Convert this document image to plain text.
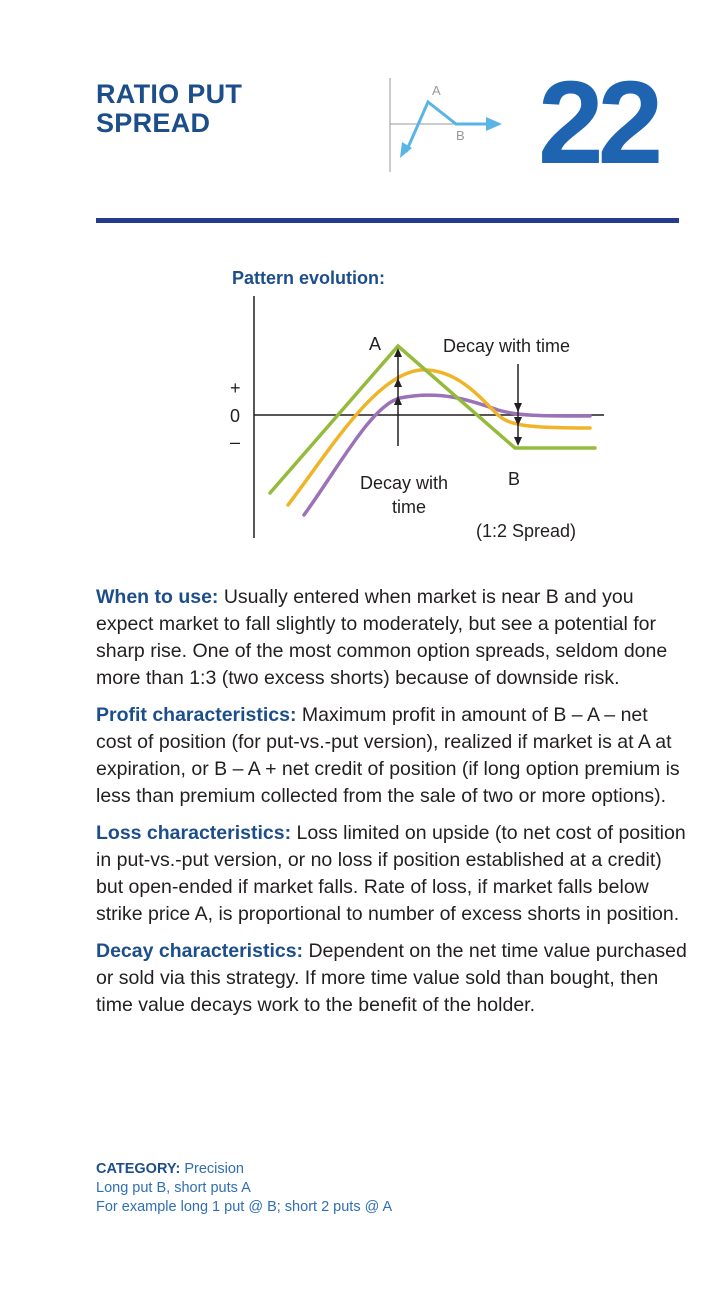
RATIO PUT
SPREAD
A
B 22
Pattern evolution:
+
0
–
A
B
Decay with time
Decay with
time
(1:2 Spread)

When to use: Usually entered when market is near B and you expect market to fall slightly to moderately, but see a potential for sharp rise. One of the most common option spreads, seldom done more than 1:3 (two excess shorts) because of downside risk.

Profit characteristics: Maximum profit in amount of B – A – net cost of position (for put-vs.-put version), realized if market is at A at expiration, or B – A + net credit of position (if long option premium is less than premium collected from the sale of two or more options).

Loss characteristics: Loss limited on upside (to net cost of position in put-vs.-put version, or no loss if position established at a credit) but open-ended if market falls. Rate of loss, if market falls below strike price A, is proportional to number of excess shorts in position.

Decay characteristics: Dependent on the net time value purchased or sold via this strategy. If more time value sold than bought, then time value decays work to the benefit of the holder.

CATEGORY: Precision
Long put B, short puts A
For example long 1 put @ B; short 2 puts @ A
